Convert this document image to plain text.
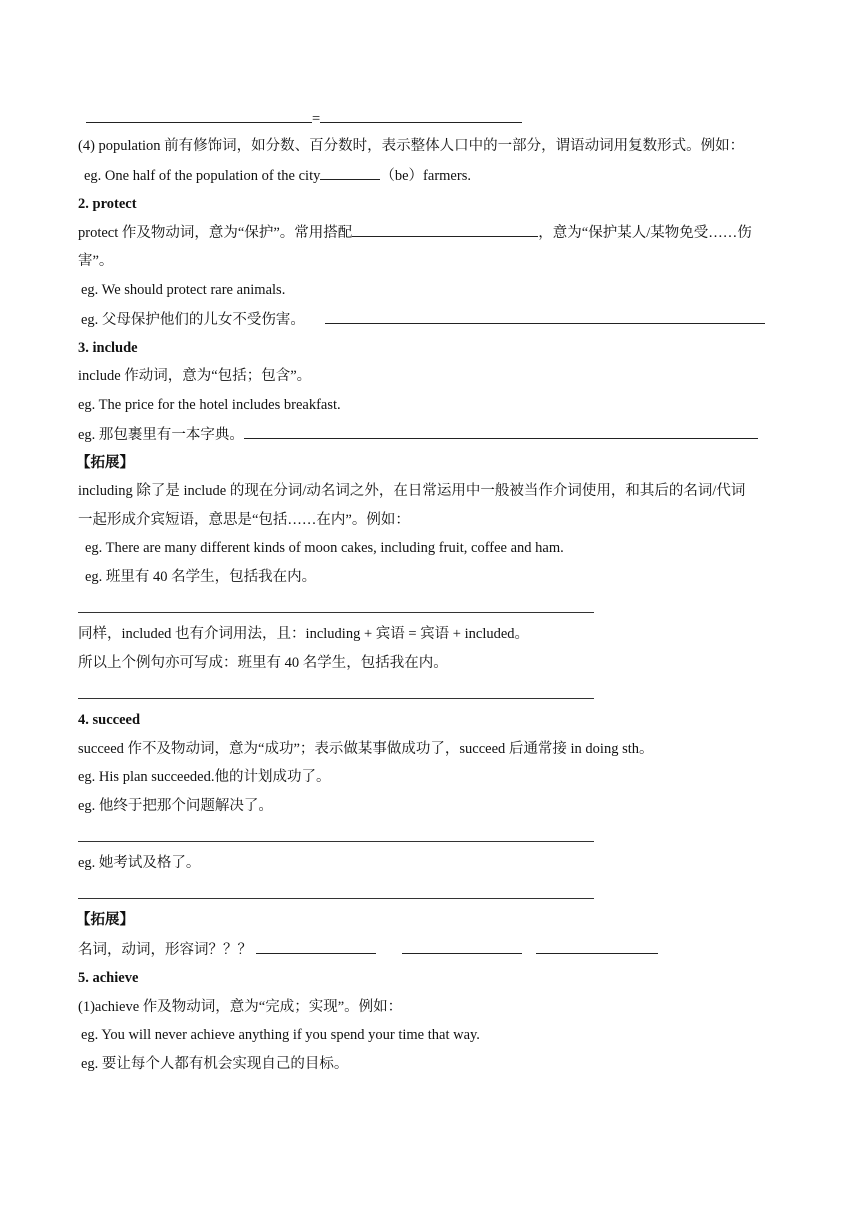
=
(4) population 前有修饰词，如分数、百分数时，表示整体人口中的一部分，谓语动词用复数形式。例如：
eg. One half of the population of the city	（be）farmers.
2. protect
protect 作及物动词，意为“保护”。常用搭配	，意为“保护某人/某物免受……伤
害”。
eg. We should protect rare animals.
eg. 父母保护他们的儿女不受伤害。
3. include
include 作动词，意为“包括；包含”。
eg. The price for the hotel includes breakfast.
eg. 那包裹里有一本字典。
【拓展】
including 除了是 include 的现在分词/动名词之外，在日常运用中一般被当作介词使用，和其后的名词/代词
一起形成介宾短语，意思是“包括……在内”。例如：
eg. There are many different kinds of moon cakes, including fruit, coffee and ham.
eg. 班里有 40 名学生，包括我在内。
同样，included 也有介词用法，且：including + 宾语 = 宾语 + included。
所以上个例句亦可写成：班里有 40 名学生，包括我在内。
4. succeed
succeed 作不及物动词，意为“成功”；表示做某事做成功了，succeed 后通常接 in doing sth。
eg. His plan succeeded.他的计划成功了。
eg. 他终于把那个问题解决了。
eg. 她考试及格了。
【拓展】
名词，动词，形容词？？？
5. achieve
(1)achieve 作及物动词，意为“完成；实现”。例如：
eg. You will never achieve anything if you spend your time that way.
eg. 要让每个人都有机会实现自己的目标。
